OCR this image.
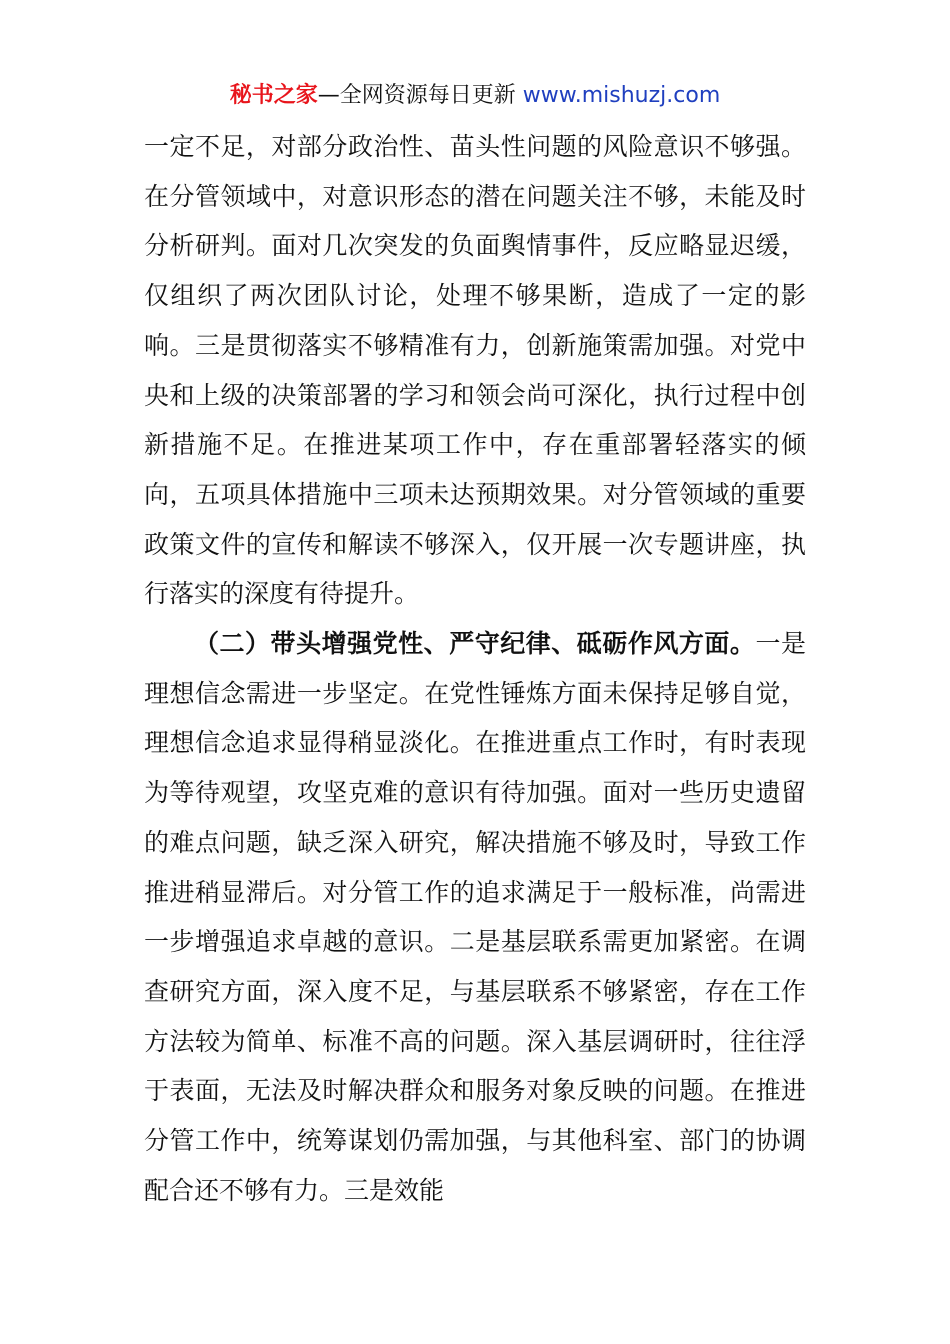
秘书之家—全网资源每日更新 www.mishuzj.com

一定不足，对部分政治性、苗头性问题的风险意识不够强。在分管领域中，对意识形态的潜在问题关注不够，未能及时分析研判。面对几次突发的负面舆情事件，反应略显迟缓，仅组织了两次团队讨论，处理不够果断，造成了一定的影响。三是贯彻落实不够精准有力，创新施策需加强。对党中央和上级的决策部署的学习和领会尚可深化，执行过程中创新措施不足。在推进某项工作中，存在重部署轻落实的倾向，五项具体措施中三项未达预期效果。对分管领域的重要政策文件的宣传和解读不够深入，仅开展一次专题讲座，执行落实的深度有待提升。

（二）带头增强党性、严守纪律、砥砺作风方面。一是理想信念需进一步坚定。在党性锤炼方面未保持足够自觉，理想信念追求显得稍显淡化。在推进重点工作时，有时表现为等待观望，攻坚克难的意识有待加强。面对一些历史遗留的难点问题，缺乏深入研究，解决措施不够及时，导致工作推进稍显滞后。对分管工作的追求满足于一般标准，尚需进一步增强追求卓越的意识。二是基层联系需更加紧密。在调查研究方面，深入度不足，与基层联系不够紧密，存在工作方法较为简单、标准不高的问题。深入基层调研时，往往浮于表面，无法及时解决群众和服务对象反映的问题。在推进分管工作中，统筹谋划仍需加强，与其他科室、部门的协调配合还不够有力。三是效能
